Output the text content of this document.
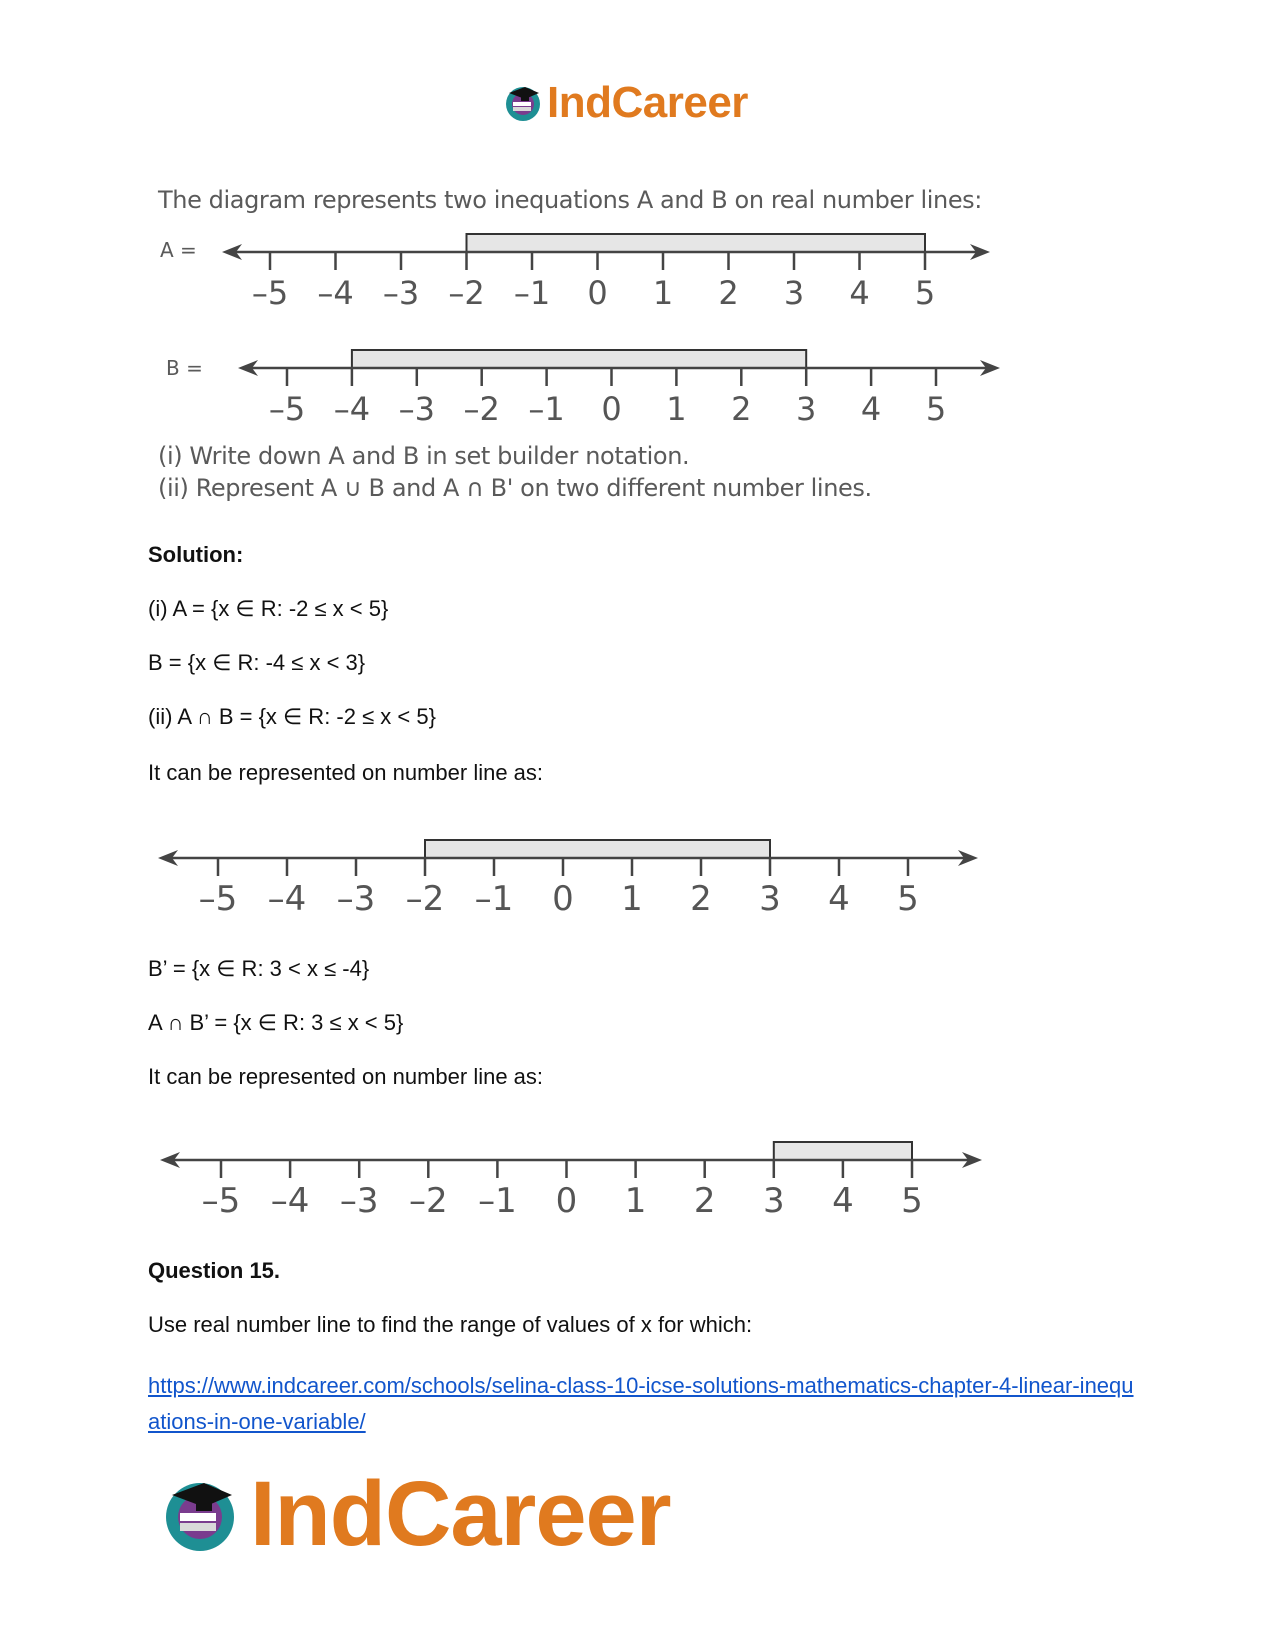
IndCareer
The diagram represents two inequations A and B on real number lines:
A =
B =
–5 –4 –3 –2 –1 0 1 2 3 4 5
–5 –4 –3 –2 –1 0 1 2 3 4 5
–5 –4 –3 –2 –1 0 1 2 3 4 5
–5 –4 –3 –2 –1 0 1 2 3 4 5
(i) Write down A and B in set builder notation.
(ii) Represent A ∪ B and A ∩ B' on two different number lines.
Solution:
(i) A = {x ∈ R: -2 ≤ x < 5}
B = {x ∈ R: -4 ≤ x < 3}
(ii) A ∩ B = {x ∈ R: -2 ≤ x < 5}
It can be represented on number line as:
B’ = {x ∈ R: 3 < x ≤ -4}
A ∩ B’ = {x ∈ R: 3 ≤ x < 5}
It can be represented on number line as:
Question 15.
Use real number line to find the range of values of x for which:
https://www.indcareer.com/schools/selina-class-10-icse-solutions-mathematics-chapter-4-linear-inequations-in-one-variable/
IndCareer
